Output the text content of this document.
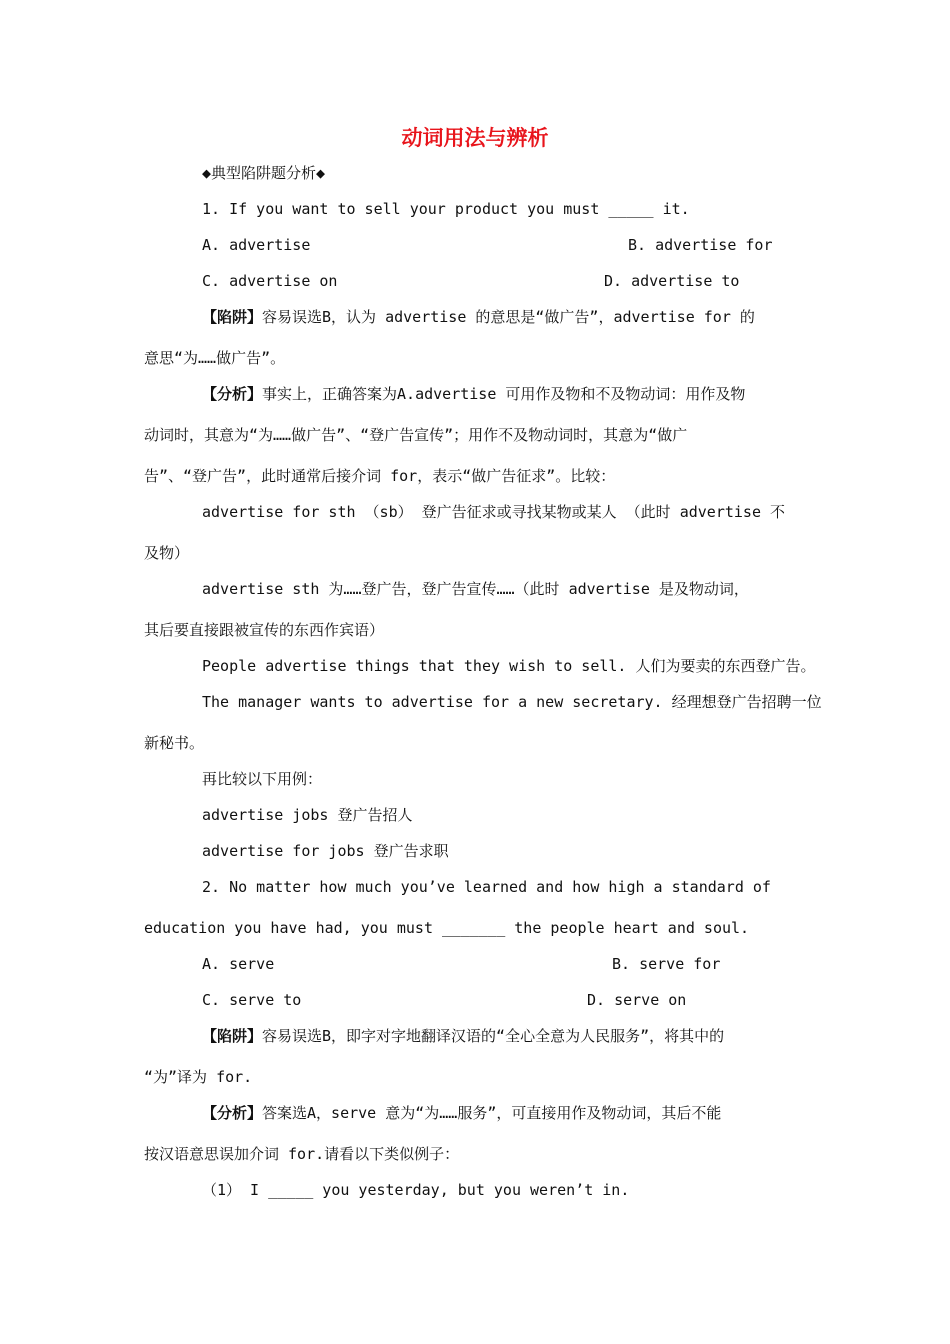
动词用法与辨析
◆典型陷阱题分析◆
1. If you want to sell your product you must _____ it.
A. advertise	B. advertise for
C. advertise on	D. advertise to
【陷阱】容易误选B，认为 advertise 的意思是“做广告”，advertise for 的
意思“为……做广告”。
【分析】事实上，正确答案为A.advertise 可用作及物和不及物动词：用作及物
动词时，其意为“为……做广告”、“登广告宣传”；用作不及物动词时，其意为“做广
告”、“登广告”，此时通常后接介词 for，表示“做广告征求”。比较：
advertise for sth （sb） 登广告征求或寻找某物或某人 （此时 advertise 不
及物）
advertise sth 为……登广告，登广告宣传……（此时 advertise 是及物动词，
其后要直接跟被宣传的东西作宾语）
People advertise things that they wish to sell. 人们为要卖的东西登广告。
The manager wants to advertise for a new secretary. 经理想登广告招聘一位
新秘书。
再比较以下用例：
advertise jobs 登广告招人
advertise for jobs 登广告求职
2. No matter how much you’ve learned and how high a standard of
education you have had, you must _______ the people heart and soul.
A. serve	B. serve for
C. serve to	D. serve on
【陷阱】容易误选B，即字对字地翻译汉语的“全心全意为人民服务”，将其中的
“为”译为 for.
【分析】答案选A，serve 意为“为……服务”，可直接用作及物动词，其后不能
按汉语意思误加介词 for.请看以下类似例子：
（1） I _____ you yesterday, but you weren’t in.
